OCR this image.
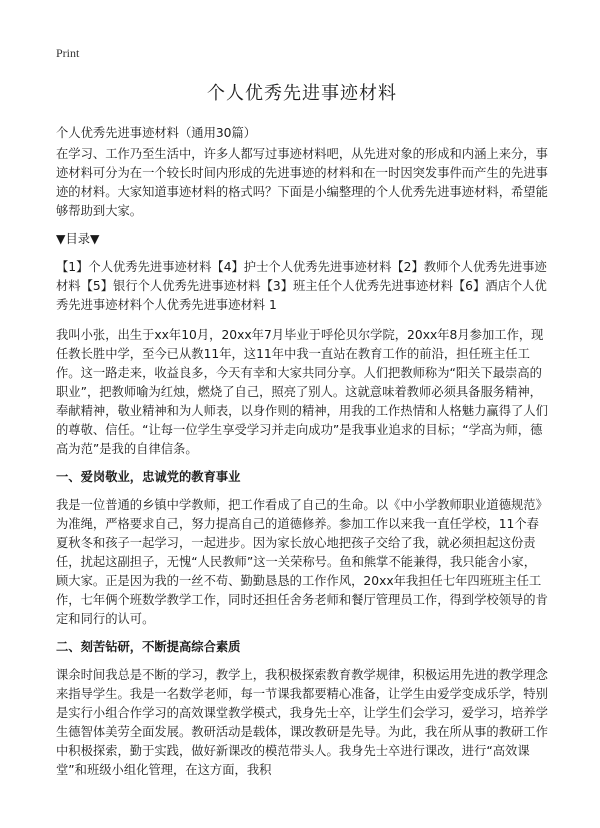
Print
个人优秀先进事迹材料

个人优秀先进事迹材料（通用30篇）

在学习、工作乃至生活中，许多人都写过事迹材料吧，从先进对象的形成和内涵上来分，事迹材料可分为在一个较长时间内形成的先进事迹的材料和在一时因突发事件而产生的先进事迹的材料。大家知道事迹材料的格式吗？下面是小编整理的个人优秀先进事迹材料，希望能够帮助到大家。

▼目录▼

【1】个人优秀先进事迹材料【4】护士个人优秀先进事迹材料【2】教师个人优秀先进事迹材料【5】银行个人优秀先进事迹材料【3】班主任个人优秀先进事迹材料【6】酒店个人优秀先进事迹材料个人优秀先进事迹材料 1

我叫小张，出生于xx年10月，20xx年7月毕业于呼伦贝尔学院，20xx年8月参加工作，现任教长胜中学，至今已从教11年，这11年中我一直站在教育工作的前沿，担任班主任工作。这一路走来，收益良多，今天有幸和大家共同分享。人们把教师称为“阳关下最崇高的职业”，把教师喻为红烛，燃烧了自己，照亮了别人。这就意味着教师必须具备服务精神，奉献精神，敬业精神和为人师表，以身作则的精神，用我的工作热情和人格魅力赢得了人们的尊敬、信任。“让每一位学生享受学习并走向成功”是我事业追求的目标；“学高为师，德高为范”是我的自律信条。

一、爱岗敬业，忠诚党的教育事业

我是一位普通的乡镇中学教师，把工作看成了自己的生命。以《中小学教师职业道德规范》为准绳，严格要求自己，努力提高自己的道德修养。参加工作以来我一直任学校，11个春夏秋冬和孩子一起学习，一起进步。因为家长放心地把孩子交给了我，就必须担起这份责任，扰起这副担子，无愧“人民教师”这一关荣称号。鱼和熊掌不能兼得，我只能舍小家，顾大家。正是因为我的一丝不苟、勤勤恳恳的工作作风，20xx年我担任七年四班班主任工作，七年俩个班数学教学工作，同时还担任舍务老师和餐厅管理员工作，得到学校领导的肯定和同行的认可。

二、刻苦钻研，不断提高综合素质

课余时间我总是不断的学习，教学上，我积极探索教育教学规律，积极运用先进的教学理念来指导学生。我是一名数学老师，每一节课我都要精心准备，让学生由爱学变成乐学，特别是实行小组合作学习的高效课堂教学模式，我身先士卒，让学生们会学习，爱学习，培养学生德智体美劳全面发展。教研活动是载体，课改教研是先导。为此，我在所从事的教研工作中积极探索，勤于实践，做好新课改的模范带头人。我身先士卒进行课改，进行“高效课堂”和班级小组化管理，在这方面，我积
